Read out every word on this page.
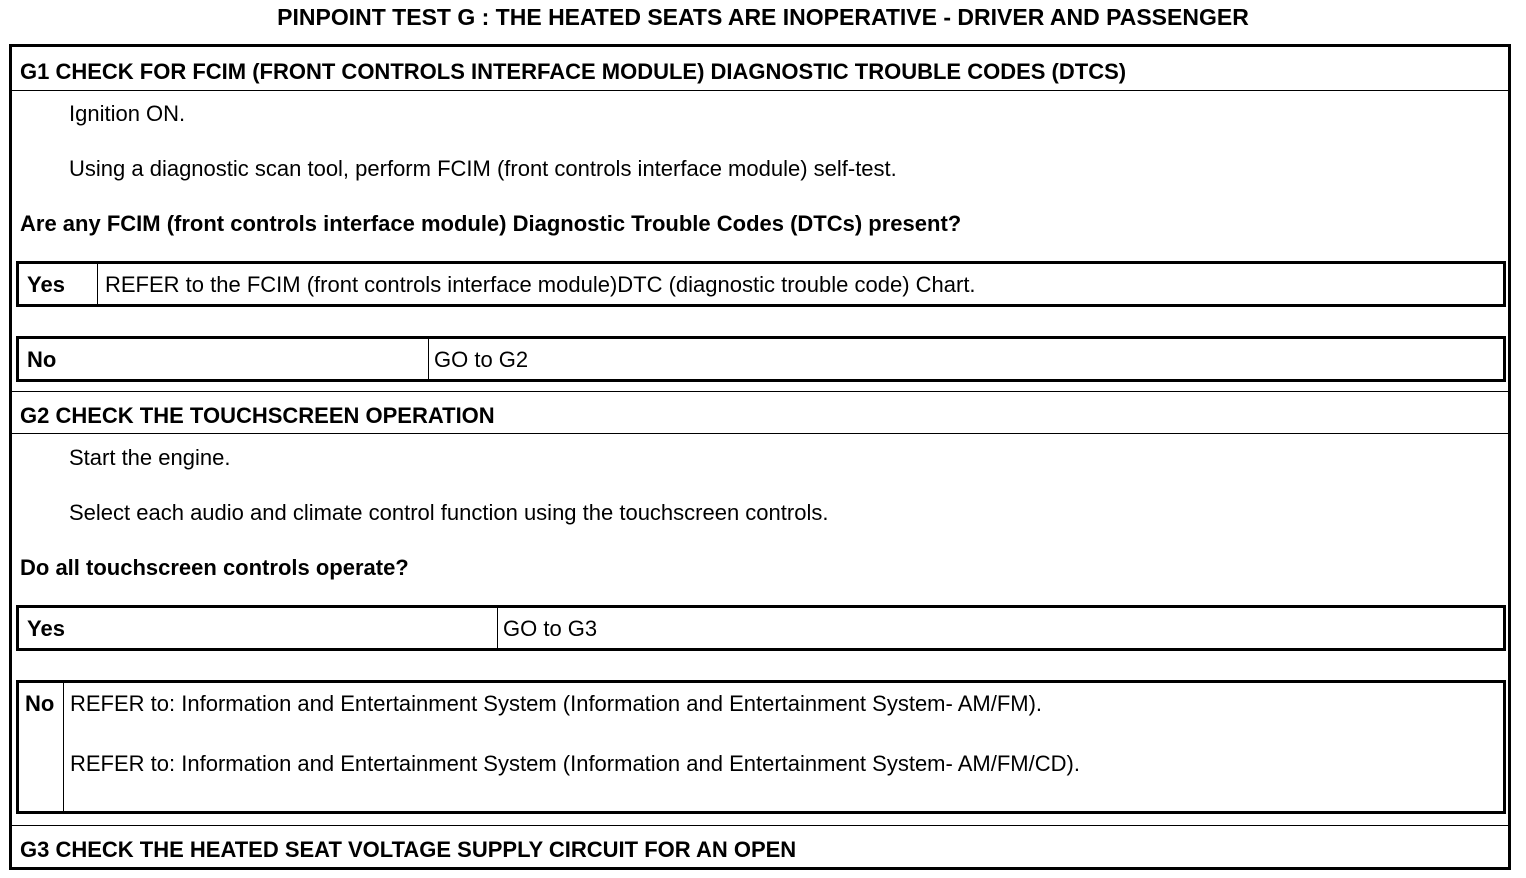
PINPOINT TEST G : THE HEATED SEATS ARE INOPERATIVE - DRIVER AND PASSENGER
G1 CHECK FOR FCIM (FRONT CONTROLS INTERFACE MODULE) DIAGNOSTIC TROUBLE CODES (DTCS)
Ignition ON.
Using a diagnostic scan tool, perform FCIM (front controls interface module) self-test.
Are any FCIM (front controls interface module) Diagnostic Trouble Codes (DTCs) present?
Yes REFER to the FCIM (front controls interface module)DTC (diagnostic trouble code) Chart.
No	GO to G2
G2 CHECK THE TOUCHSCREEN OPERATION
Start the engine.
Select each audio and climate control function using the touchscreen controls.
Do all touchscreen controls operate?
Yes	GO to G3
No REFER to: Information and Entertainment System (Information and Entertainment System- AM/FM).
REFER to: Information and Entertainment System (Information and Entertainment System- AM/FM/CD).
G3 CHECK THE HEATED SEAT VOLTAGE SUPPLY CIRCUIT FOR AN OPEN
